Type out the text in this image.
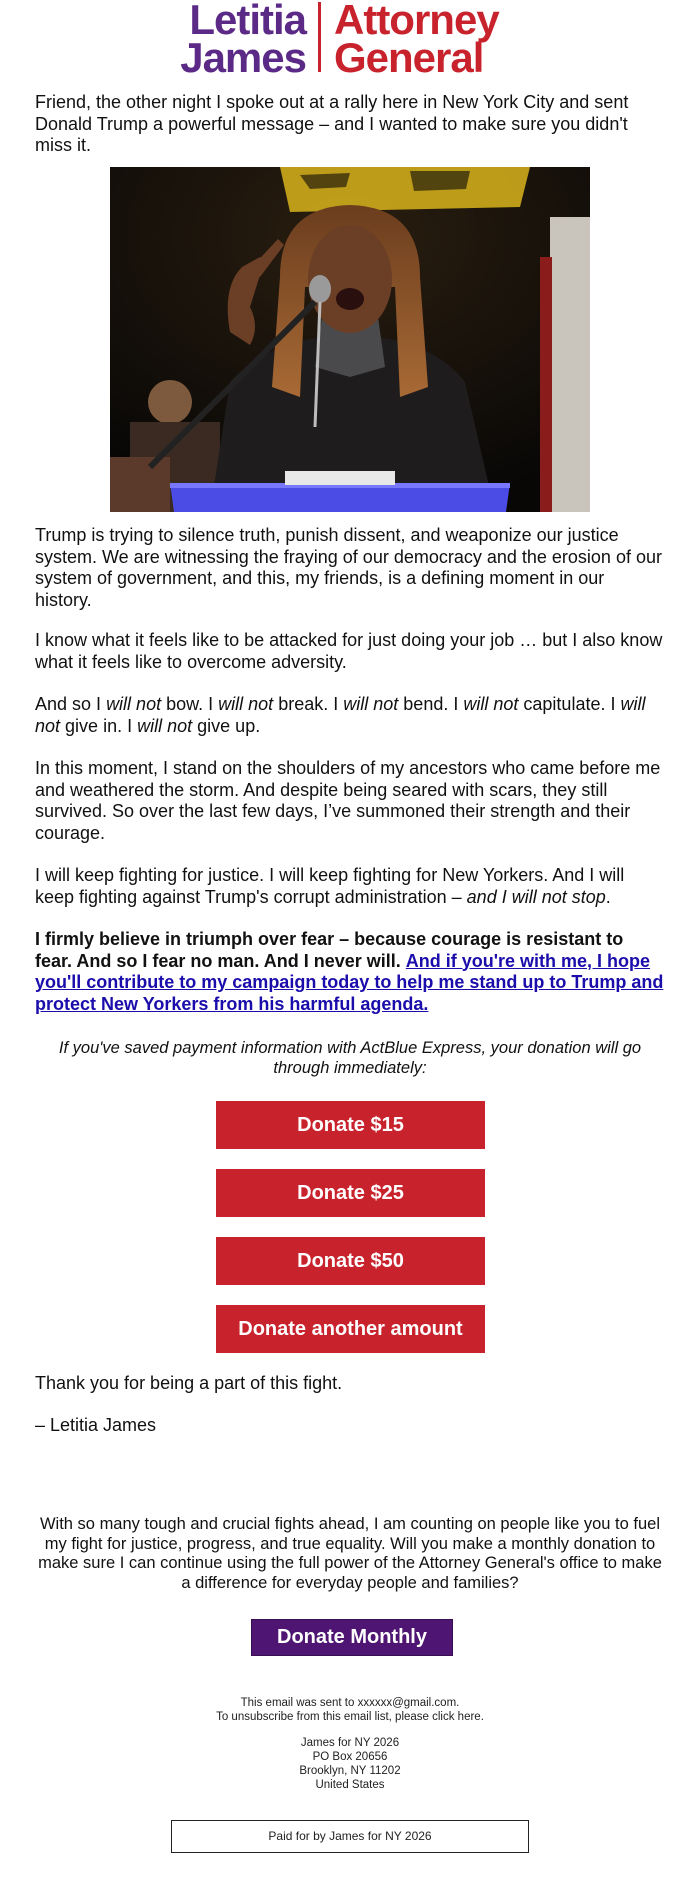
Letitia
James
Attorney
General

Friend, the other night I spoke out at a rally here in New York City and sent Donald Trump a powerful message – and I wanted to make sure you didn't miss it.

Trump is trying to silence truth, punish dissent, and weaponize our justice system. We are witnessing the fraying of our democracy and the erosion of our system of government, and this, my friends, is a defining moment in our history.

I know what it feels like to be attacked for just doing your job … but I also know what it feels like to overcome adversity.

And so I will not bow. I will not break. I will not bend. I will not capitulate. I will not give in. I will not give up.

In this moment, I stand on the shoulders of my ancestors who came before me and weathered the storm. And despite being seared with scars, they still survived. So over the last few days, I’ve summoned their strength and their courage.

I will keep fighting for justice. I will keep fighting for New Yorkers. And I will keep fighting against Trump's corrupt administration – and I will not stop.

I firmly believe in triumph over fear – because courage is resistant to fear. And so I fear no man. And I never will. And if you're with me, I hope you'll contribute to my campaign today to help me stand up to Trump and protect New Yorkers from his harmful agenda.

If you've saved payment information with ActBlue Express, your donation will go through immediately:
Donate $15
Donate $25
Donate $50
Donate another amount

Thank you for being a part of this fight.

– Letitia James

With so many tough and crucial fights ahead, I am counting on people like you to fuel my fight for justice, progress, and true equality. Will you make a monthly donation to make sure I can continue using the full power of the Attorney General's office to make a difference for everyday people and families?
Donate Monthly
This email was sent to xxxxxx@gmail.com.
To unsubscribe from this email list, please click here.
James for NY 2026
PO Box 20656
Brooklyn, NY 11202
United States
Paid for by James for NY 2026
